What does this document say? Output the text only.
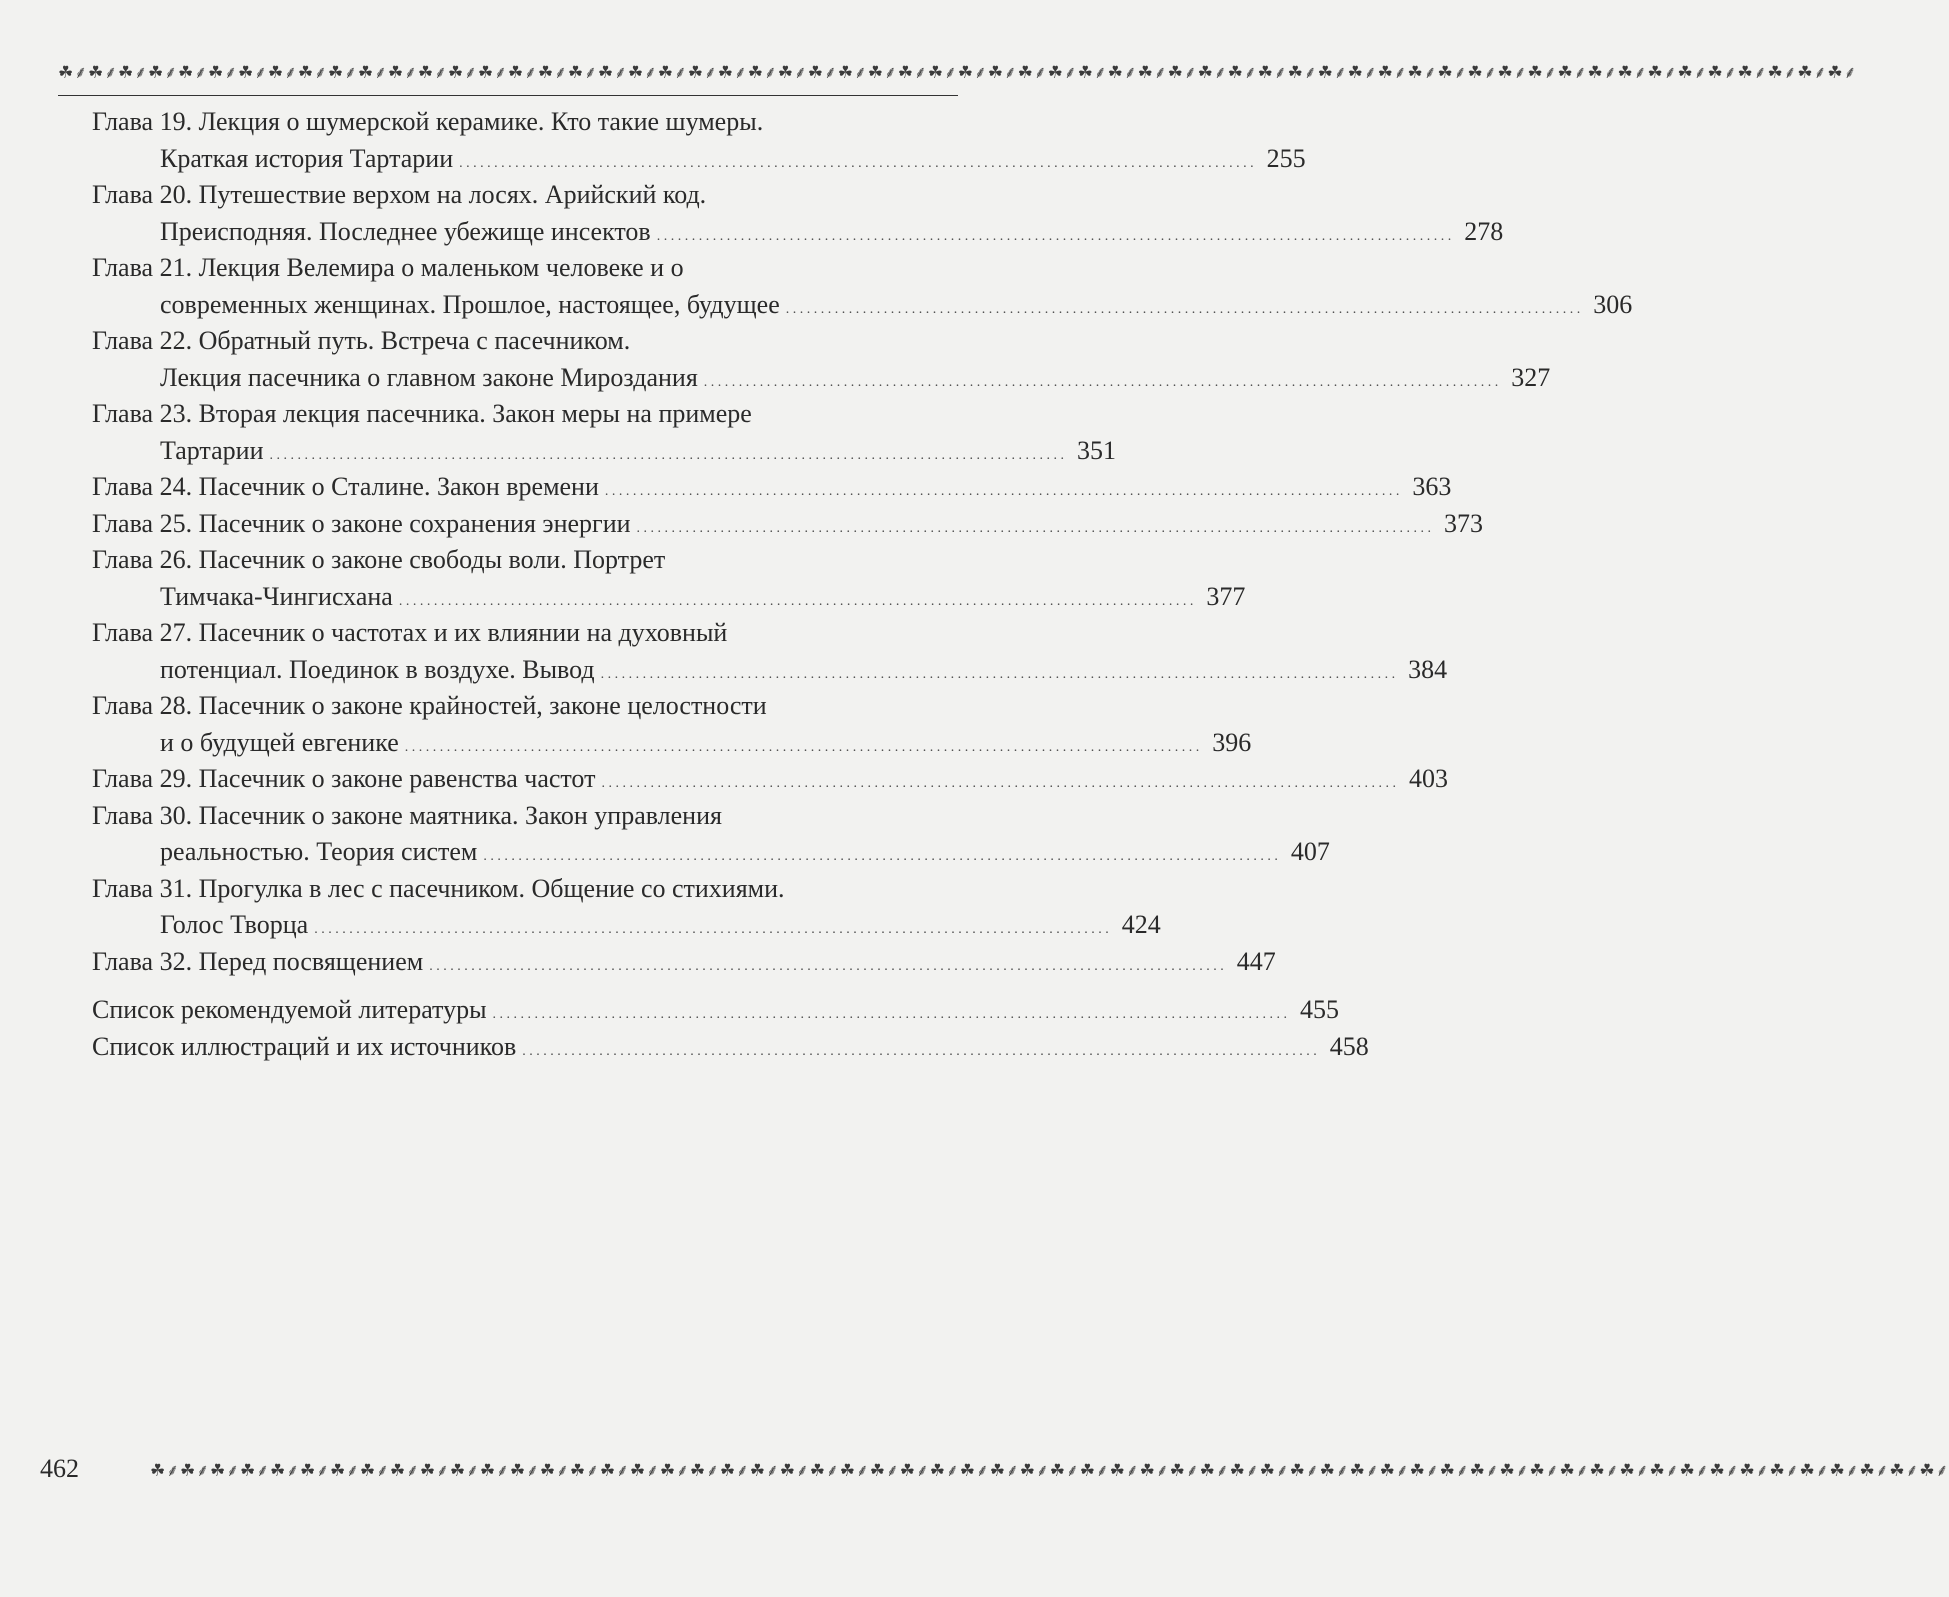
☘⸙☘⸙☘⸙☘⸙☘⸙☘⸙☘⸙☘⸙☘⸙☘⸙☘⸙☘⸙☘⸙☘⸙☘⸙☘⸙☘⸙☘⸙☘⸙☘⸙☘⸙☘⸙☘⸙☘⸙☘⸙☘⸙☘⸙☘⸙☘⸙☘⸙☘⸙☘⸙☘⸙☘⸙☘⸙☘⸙☘⸙☘⸙☘⸙☘⸙☘⸙☘⸙☘⸙☘⸙☘⸙☘⸙☘⸙☘⸙☘⸙☘⸙☘⸙☘⸙☘⸙☘⸙☘⸙☘⸙☘⸙☘⸙☘⸙☘⸙
Глава 19. Лекция о шумерской керамике. Кто такие шумеры.
Краткая история Тартарии . . .	255
Глава 20. Путешествие верхом на лосях. Арийский код.
Преисподняя. Последнее убежище инсектов . . .	278
Глава 21. Лекция Велемира о маленьком человеке и о
современных женщинах. Прошлое, настоящее, будущее . . .	306
Глава 22. Обратный путь. Встреча с пасечником.
Лекция пасечника о главном законе Мироздания . . .	327
Глава 23. Вторая лекция пасечника. Закон меры на примере
Тартарии . . .	351
Глава 24. Пасечник о Сталине. Закон времени . . .	363
Глава 25. Пасечник о законе сохранения энергии . . .	373
Глава 26. Пасечник о законе свободы воли. Портрет
Тимчака-Чингисхана . . .	377
Глава 27. Пасечник о частотах и их влиянии на духовный
потенциал. Поединок в воздухе. Вывод . . .	384
Глава 28. Пасечник о законе крайностей, законе целостности
и о будущей евгенике . . .	396
Глава 29. Пасечник о законе равенства частот . . .	403
Глава 30. Пасечник о законе маятника. Закон управления
реальностью. Теория систем . . .	407
Глава 31. Прогулка в лес с пасечником. Общение со стихиями.
Голос Творца . . .	424
Глава 32. Перед посвящением . . .	447
Список рекомендуемой литературы . . .	455
Список иллюстраций и их источников . . .	458
☘⸙☘⸙☘⸙☘⸙☘⸙☘⸙☘⸙☘⸙☘⸙☘⸙☘⸙☘⸙☘⸙☘⸙☘⸙☘⸙☘⸙☘⸙☘⸙☘⸙☘⸙☘⸙☘⸙☘⸙☘⸙☘⸙☘⸙☘⸙☘⸙☘⸙☘⸙☘⸙☘⸙☘⸙☘⸙☘⸙☘⸙☘⸙☘⸙☘⸙☘⸙☘⸙☘⸙☘⸙☘⸙☘⸙☘⸙☘⸙☘⸙☘⸙☘⸙☘⸙☘⸙☘⸙☘⸙☘⸙☘⸙☘⸙☘⸙☘⸙
462
